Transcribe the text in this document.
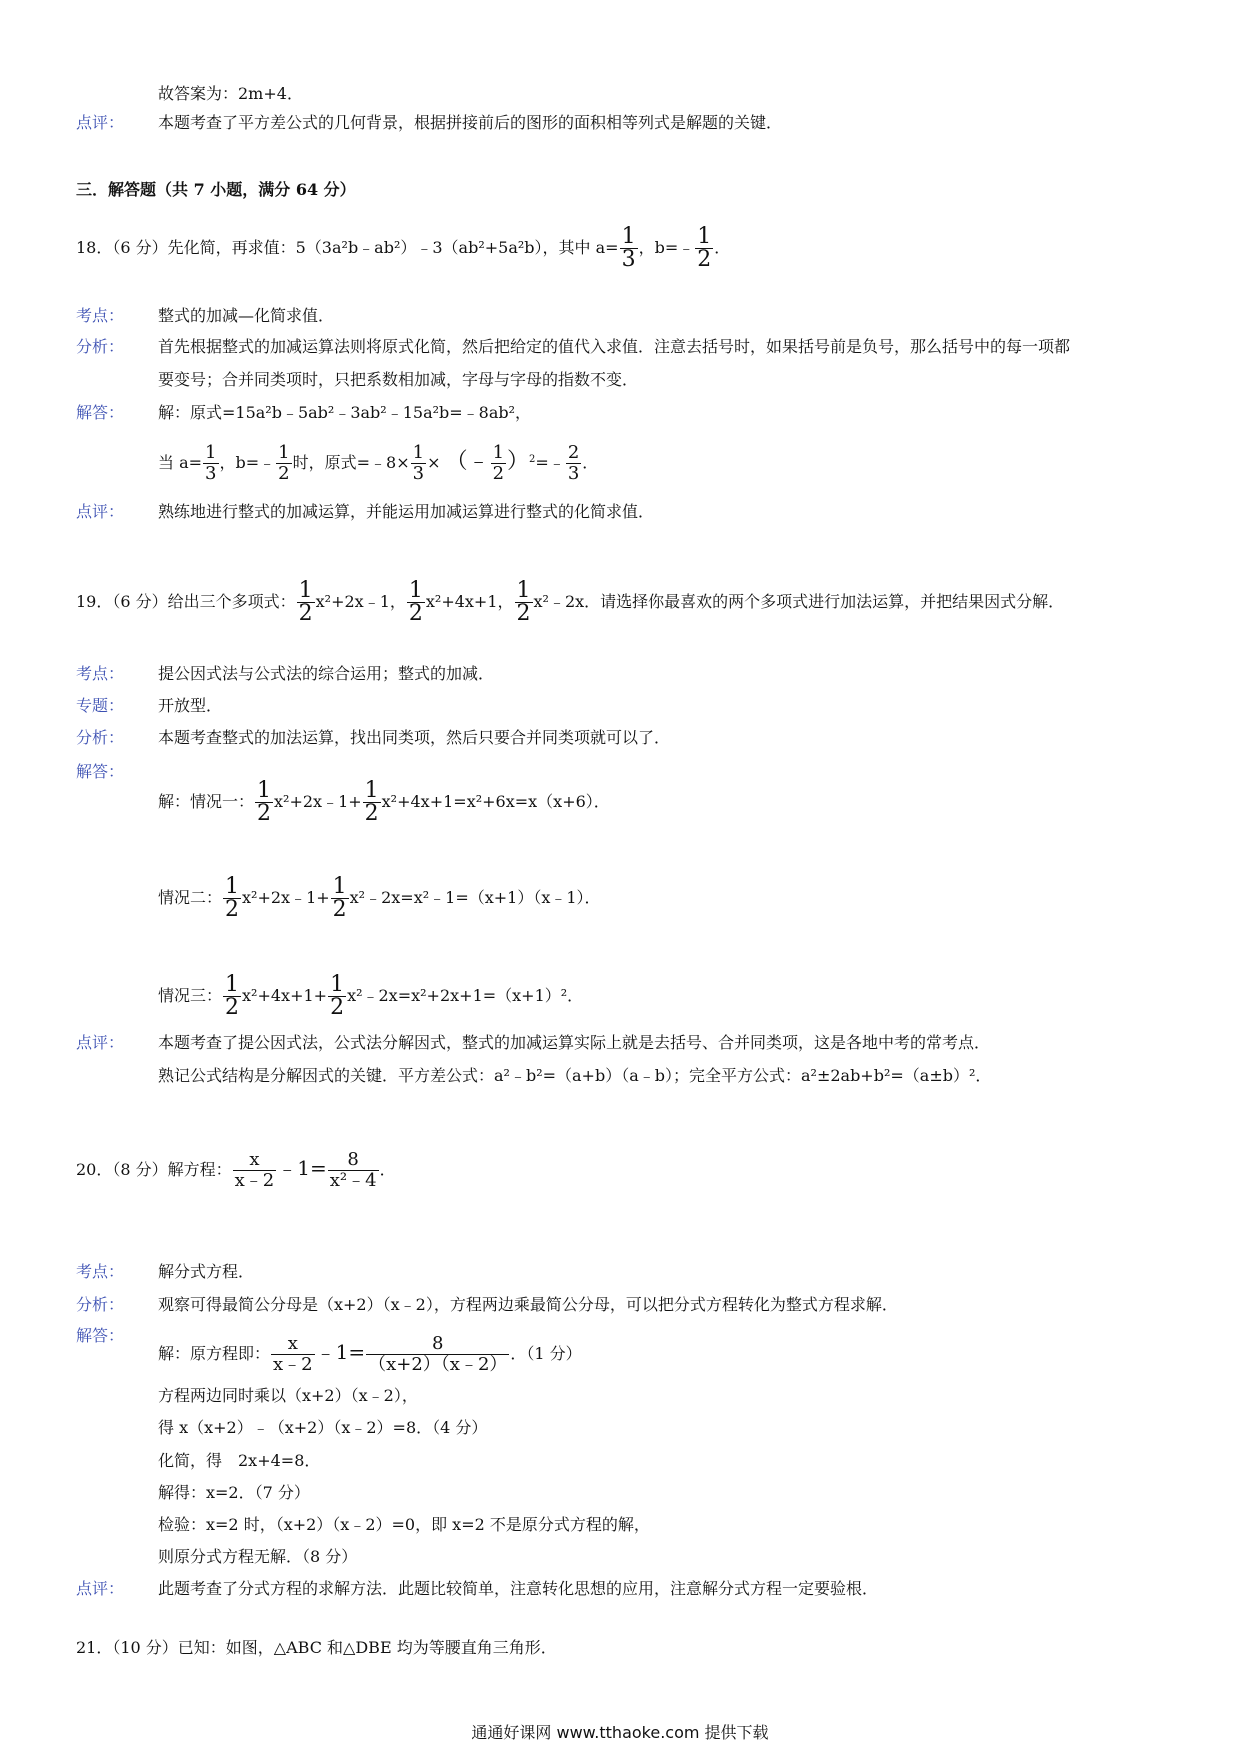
故答案为：2m+4．
点评： 本题考查了平方差公式的几何背景，根据拼接前后的图形的面积相等列式是解题的关键．
三．解答题（共 7 小题，满分 64 分）
18．（6 分）先化简，再求值：5（3a²b﹣ab²）﹣3（ab²+5a²b），其中 $a= \frac{1}{3}$ ，b=﹣ $\frac{1}{2}$ ．
考点： 整式的加减—化简求值．
分析： 首先根据整式的加减运算法则将原式化简，然后把给定的值代入求值．注意去括号时，如果括号前是负号，那么括号中的每一项都
要变号；合并同类项时，只把系数相加减，字母与字母的指数不变．
解答： 解：原式=15a²b﹣5ab²﹣3ab²﹣15a²b=﹣8ab²，
当 $a= \frac{1}{3}$ ，b=﹣ $\frac{1}{2}$ 时，原式=﹣8× $\frac{1}{3}$ × （﹣ $\frac{1}{2}$ ）$^2$=﹣ $\frac{2}{3}$ ．
点评： 熟练地进行整式的加减运算，并能运用加减运算进行整式的化简求值．
19．（6 分）给出三个多项式： $\frac{1}{2}$ x²+2x﹣1， $\frac{1}{2} x^2+4x+1$， $\frac{1}{2}$ x²﹣2x．请选择你最喜欢的两个多项式进行加法运算，并把结果因式分解．
考点： 提公因式法与公式法的综合运用；整式的加减．
专题： 开放型．
分析： 本题考查整式的加法运算，找出同类项，然后只要合并同类项就可以了．
解答：
解：情况一： $\frac{1}{2}$ x²+2x﹣1+ $\frac{1}{2} x^2+4x+1=x^2+6x=x(x+6)$．
情况二： $\frac{1}{2}$ x²+2x﹣1+ $\frac{1}{2}$ x²﹣2x=x²﹣1=（x+1）（x﹣1）．
情况三： $\frac{1}{2} x^2+4x+1+ \frac{1}{2}$ x²﹣2x=x²+2x+1=（x+1）²．
点评： 本题考查了提公因式法，公式法分解因式，整式的加减运算实际上就是去括号、合并同类项，这是各地中考的常考点．
熟记公式结构是分解因式的关键．平方差公式：a²﹣b²=（a+b）（a﹣b）；完全平方公式：a²±2ab+b²=（a±b）²．
20．（8 分）解方程： $\frac{x}{x﹣2}$ ﹣1= $\frac{8}{\text{x²﹣4}}$ ．
考点： 解分式方程．
分析： 观察可得最简公分母是（x+2）（x﹣2），方程两边乘最简公分母，可以把分式方程转化为整式方程求解．
解答：
解：原方程即： $\frac{x}{x﹣2}$ ﹣1= $\frac{8}{(x+2)(x﹣2)}$ ．（1 分）
方程两边同时乘以（x+2）（x﹣2），
得 x（x+2）﹣（x+2）（x﹣2）=8．（4 分）
化简，得　2x+4=8．
解得：x=2．（7 分）
检验：x=2 时，（x+2）（x﹣2）=0，即 x=2 不是原分式方程的解，
则原分式方程无解．（8 分）
点评： 此题考查了分式方程的求解方法．此题比较简单，注意转化思想的应用，注意解分式方程一定要验根．
21．（10 分）已知：如图，△ABC 和△DBE 均为等腰直角三角形．
通通好课网 www.tthaoke.com 提供下载
